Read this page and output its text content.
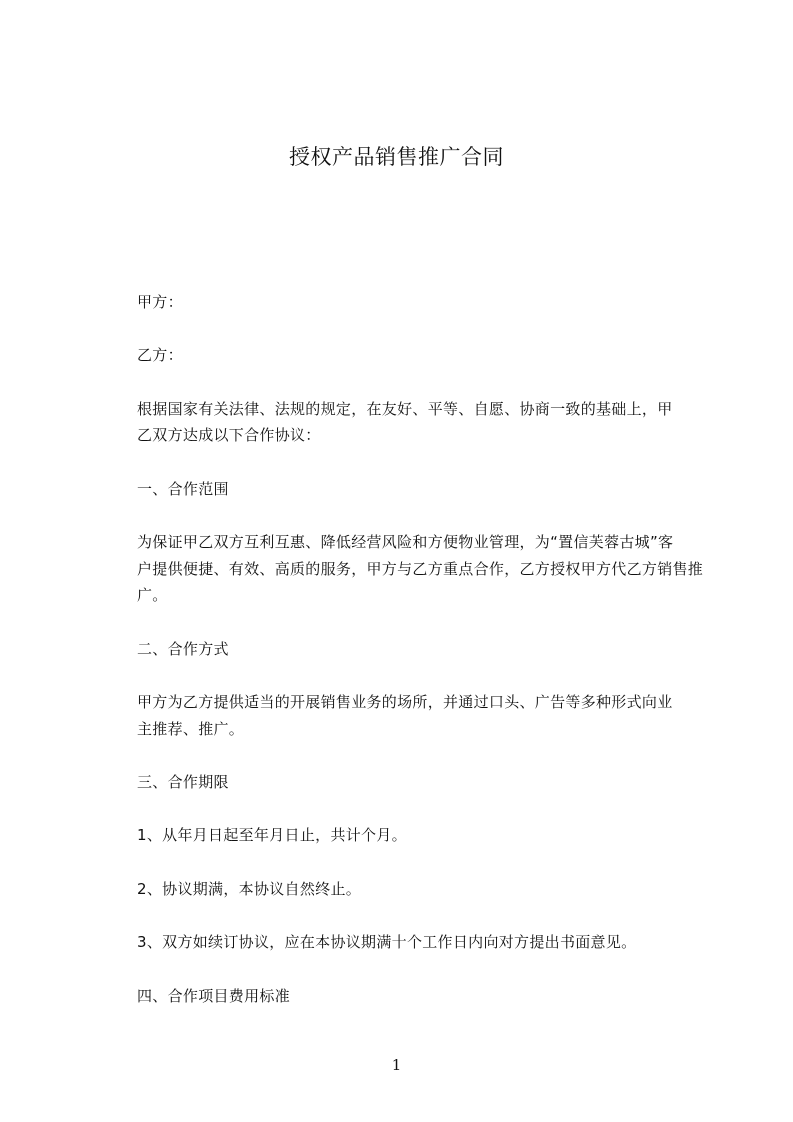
授权产品销售推广合同
甲方：
乙方：
根据国家有关法律、法规的规定，在友好、平等、自愿、协商一致的基础上，甲
乙双方达成以下合作协议：
一、合作范围
为保证甲乙双方互利互惠、降低经营风险和方便物业管理，为“置信芙蓉古城”客
户提供便捷、有效、高质的服务，甲方与乙方重点合作，乙方授权甲方代乙方销售推
广。
二、合作方式
甲方为乙方提供适当的开展销售业务的场所，并通过口头、广告等多种形式向业
主推荐、推广。
三、合作期限
1、从年月日起至年月日止，共计个月。
2、协议期满，本协议自然终止。
3、双方如续订协议，应在本协议期满十个工作日内向对方提出书面意见。
四、合作项目费用标准
1
